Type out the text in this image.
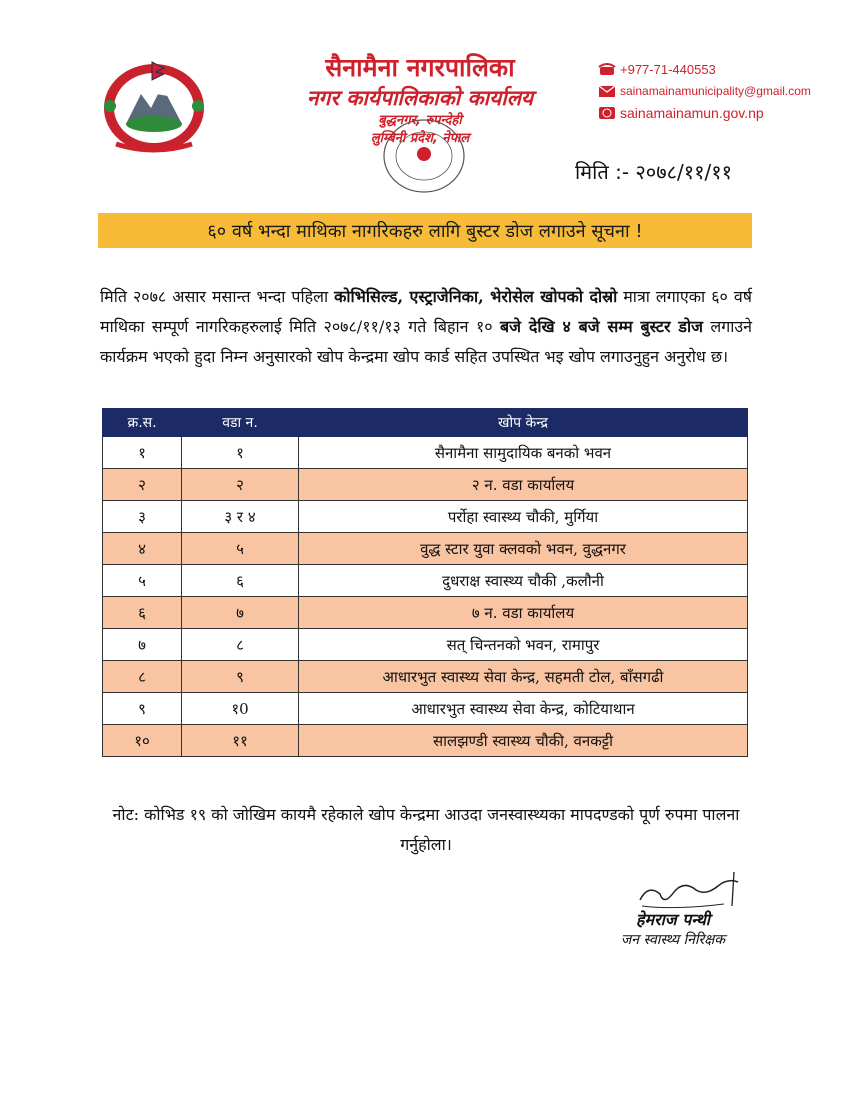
सैनामैना नगरपालिका
नगर कार्यपालिकाको कार्यालय
बुद्धनगर, रुपन्देही
लुम्बिनी प्रदेश, नेपाल
+977-71-440553
sainamainamunicipality@gmail.com
sainamainamun.gov.np
मिति :- २०७८/११/११
६० वर्ष भन्दा माथिका नागरिकहरु लागि बुस्टर डोज लगाउने सूचना !
मिति २०७८ असार मसान्त भन्दा पहिला कोभिसिल्ड, एस्ट्राजेनिका, भेरोसेल खोपको दोस्रो मात्रा लगाएका ६० वर्ष माथिका सम्पूर्ण नागरिकहरुलाई मिति २०७८/११/१३ गते बिहान १० बजे देखि ४ बजे सम्म बुस्टर डोज लगाउने कार्यक्रम भएको हुदा निम्न अनुसारको खोप केन्द्रमा खोप कार्ड सहित उपस्थित भइ खोप लगाउनुहुन अनुरोध छ।
क्र.स.	वडा न.	खोप केन्द्र
१	१	सैनामैना सामुदायिक बनको भवन
२	२	२ न. वडा कार्यालय
३	३ र ४	पर्रोहा स्वास्थ्य चौकी, मुर्गिया
४	५	वुद्ध स्टार युवा क्लवको भवन, वुद्धनगर
५	६	दुधराक्ष स्वास्थ्य चौकी ,कलौनी
६	७	७ न. वडा कार्यालय
७	८	सत् चिन्तनको भवन, रामापुर
८	९	आधारभुत स्वास्थ्य सेवा केन्द्र, सहमती टोल, बाँसगढी
९	१0	आधारभुत स्वास्थ्य सेवा केन्द्र, कोटियाथान
१०	११	सालझण्डी स्वास्थ्य चौकी, वनकट्टी
नोट: कोभिड १९ को जोखिम कायमै रहेकाले खोप केन्द्रमा आउदा जनस्वास्थ्यका मापदण्डको पूर्ण रुपमा पालना गर्नुहोला।
हेमराज पन्थी
जन स्वास्थ्य निरिक्षक
